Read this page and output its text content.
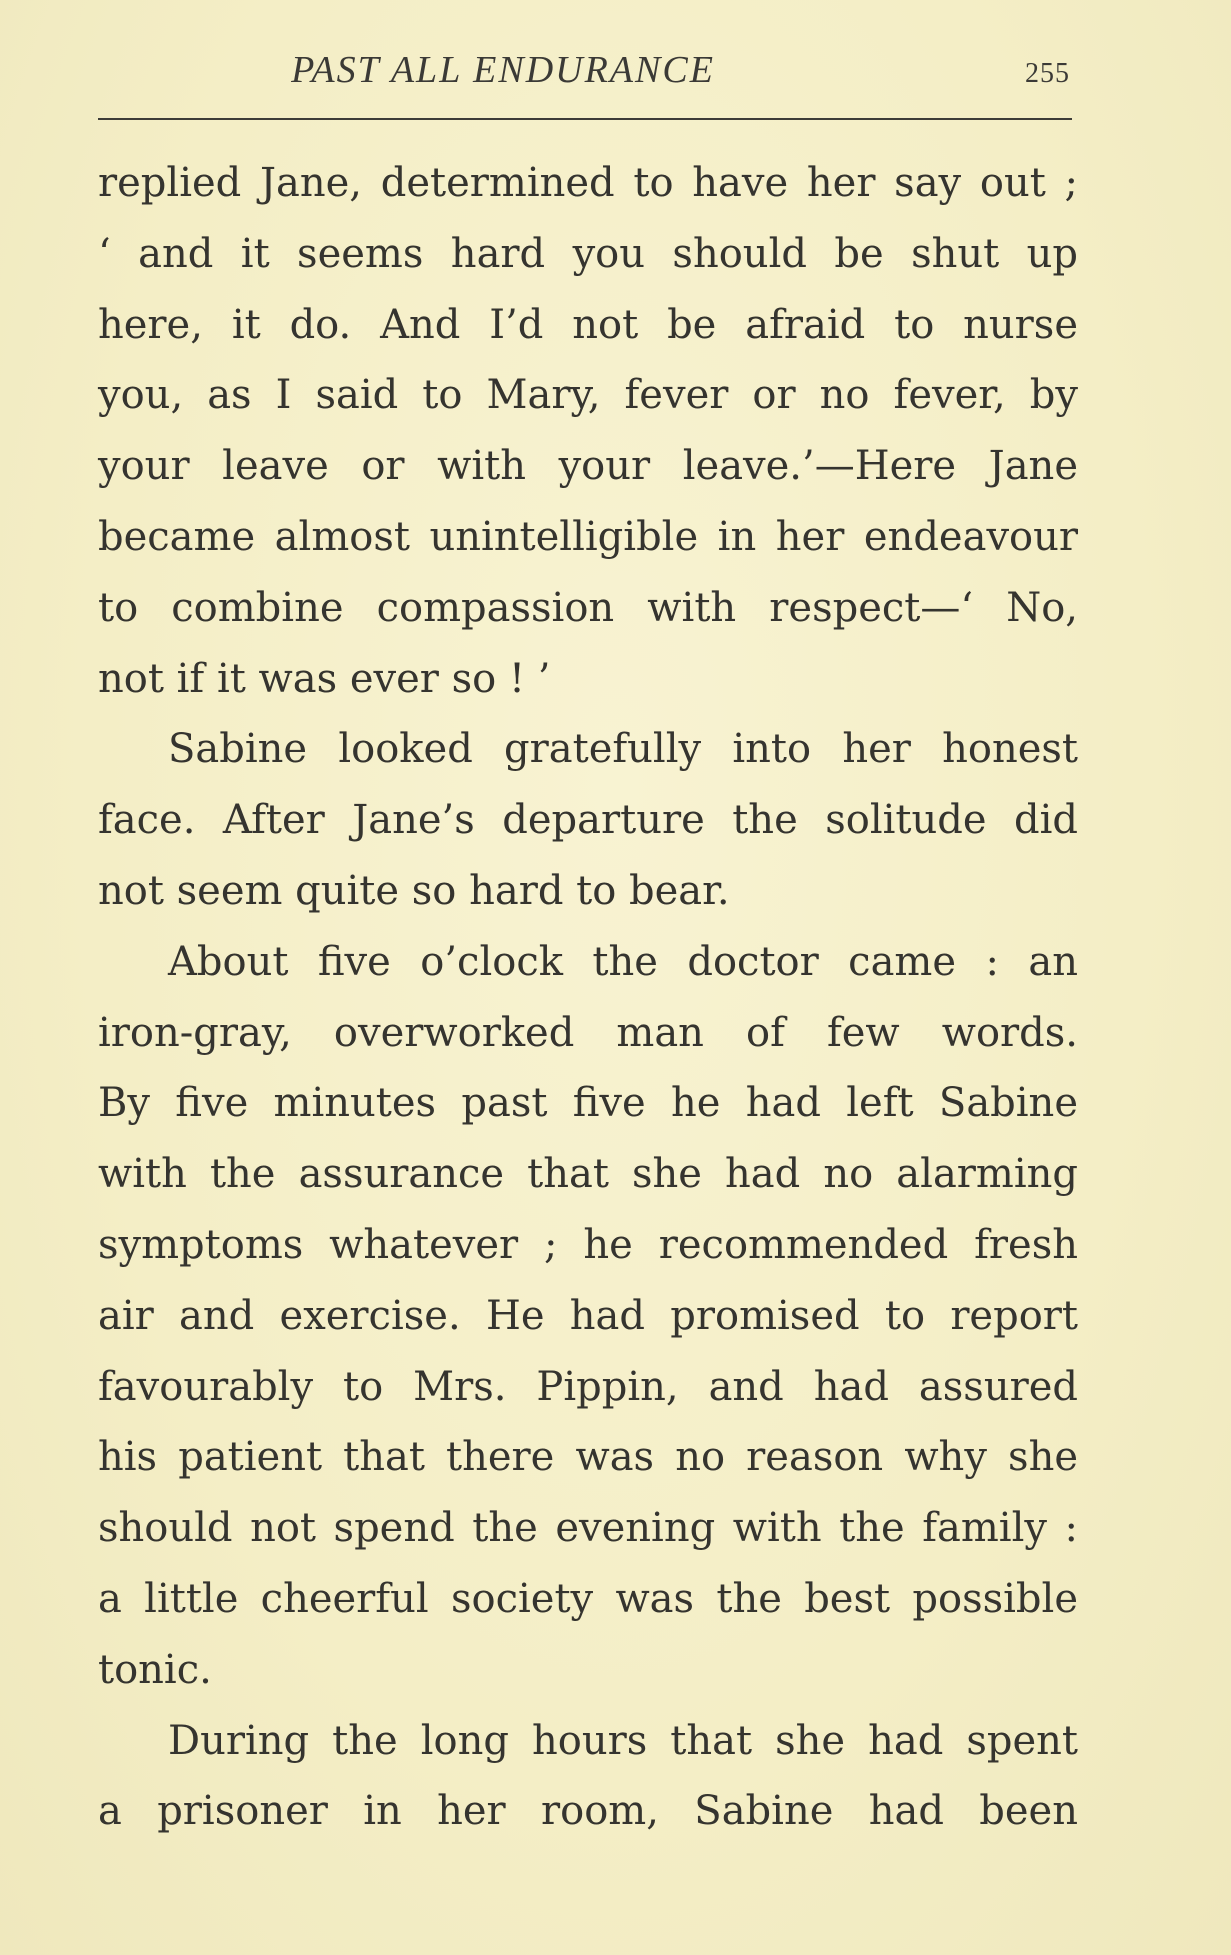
PAST ALL ENDURANCE	255
replied Jane, determined to have her say out ;
‘ and it seems hard you should be shut up
here, it do. And I’d not be afraid to nurse
you, as I said to Mary, fever or no fever, by
your leave or with your leave.’—Here Jane
became almost unintelligible in her endeavour
to combine compassion with respect—‘ No,
not if it was ever so ! ’
Sabine looked gratefully into her honest
face. After Jane’s departure the solitude did
not seem quite so hard to bear.
About five o’clock the doctor came : an
iron-gray, overworked man of few words.
By five minutes past five he had left Sabine
with the assurance that she had no alarming
symptoms whatever ; he recommended fresh
air and exercise. He had promised to report
favourably to Mrs. Pippin, and had assured
his patient that there was no reason why she
should not spend the evening with the family :
a little cheerful society was the best possible
tonic.
During the long hours that she had spent
a prisoner in her room, Sabine had been
